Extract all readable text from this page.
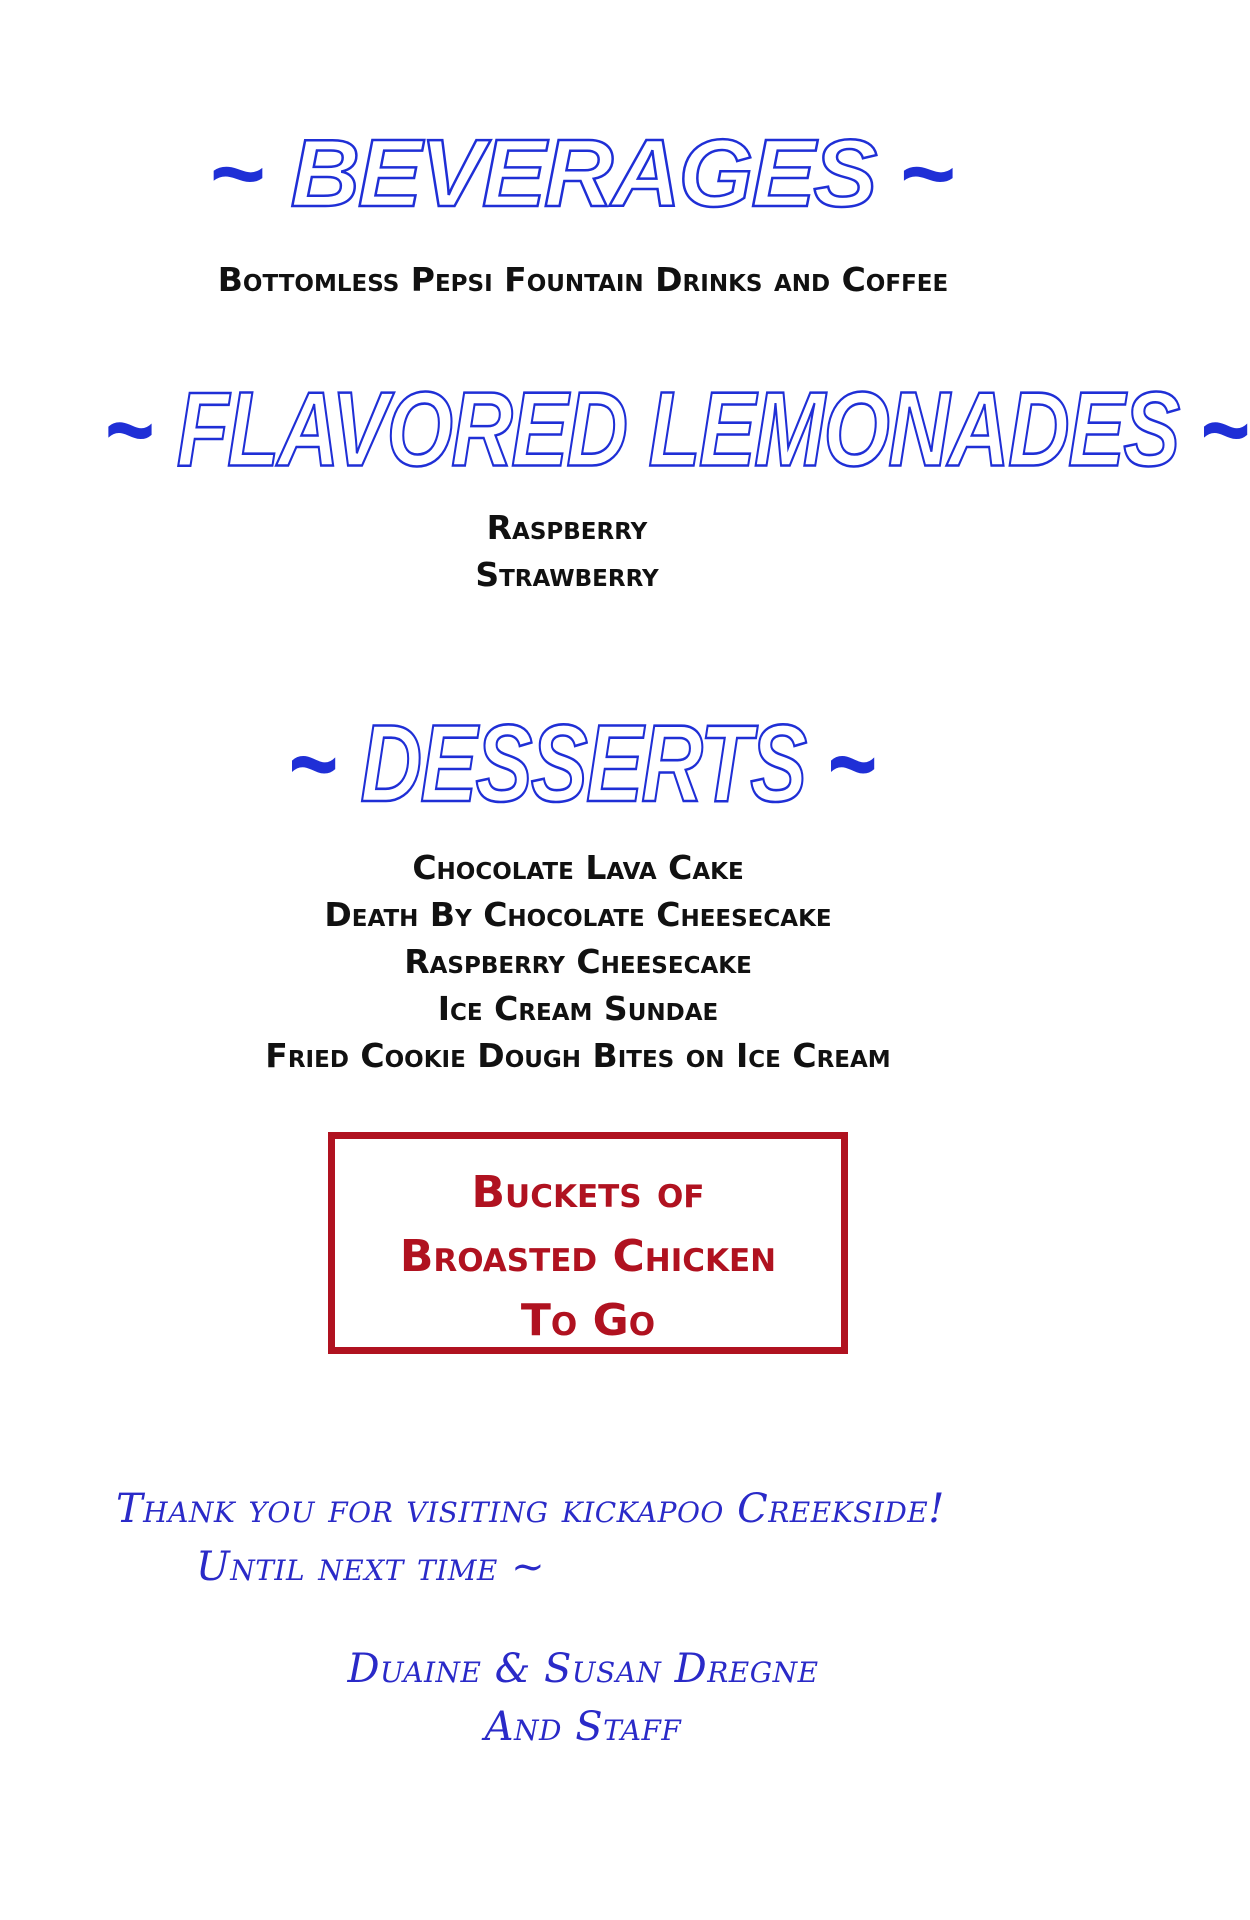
~ BEVERAGES ~
Bottomless Pepsi Fountain Drinks and Coffee
~ FLAVORED LEMONADES ~
Raspberry
Strawberry
~ DESSERTS ~
Chocolate Lava Cake
Death By Chocolate Cheesecake
Raspberry Cheesecake
Ice Cream Sundae
Fried Cookie Dough Bites on Ice Cream
Buckets of
Broasted Chicken
To Go
Thank you for visiting kickapoo Creekside!
Until next time ~
Duaine & Susan Dregne
And Staff
